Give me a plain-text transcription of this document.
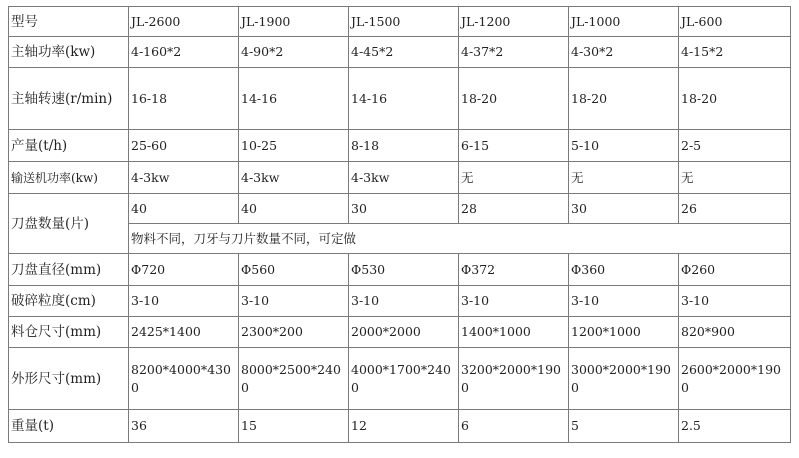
型号	JL-2600	JL-1900	JL-1500	JL-1200	JL-1000	JL-600
主轴功率(kw)	4-160*2	4-90*2	4-45*2	4-37*2	4-30*2	4-15*2
主轴转速(r/min)	16-18	14-16	14-16	18-20	18-20	18-20
产量(t/h)	25-60	10-25	8-18	6-15	5-10	2-5
输送机功率(kw)	4-3kw	4-3kw	4-3kw	无	无	无
刀盘数量(片)	40	40	30	28	30	26
	物料不同，刀牙与刀片数量不同，可定做					
刀盘直径(mm)	Φ720	Φ560	Φ530	Φ372	Φ360	Φ260
破碎粒度(cm)	3-10	3-10	3-10	3-10	3-10	3-10
料仓尺寸(mm)	2425*1400	2300*200	2000*2000	1400*1000	1200*1000	820*900
外形尺寸(mm)	8200*4000*4300	8000*2500*2400	4000*1700*2400	3200*2000*1900	3000*2000*1900	2600*2000*1900
重量(t)	36	15	12	6	5	2.5
